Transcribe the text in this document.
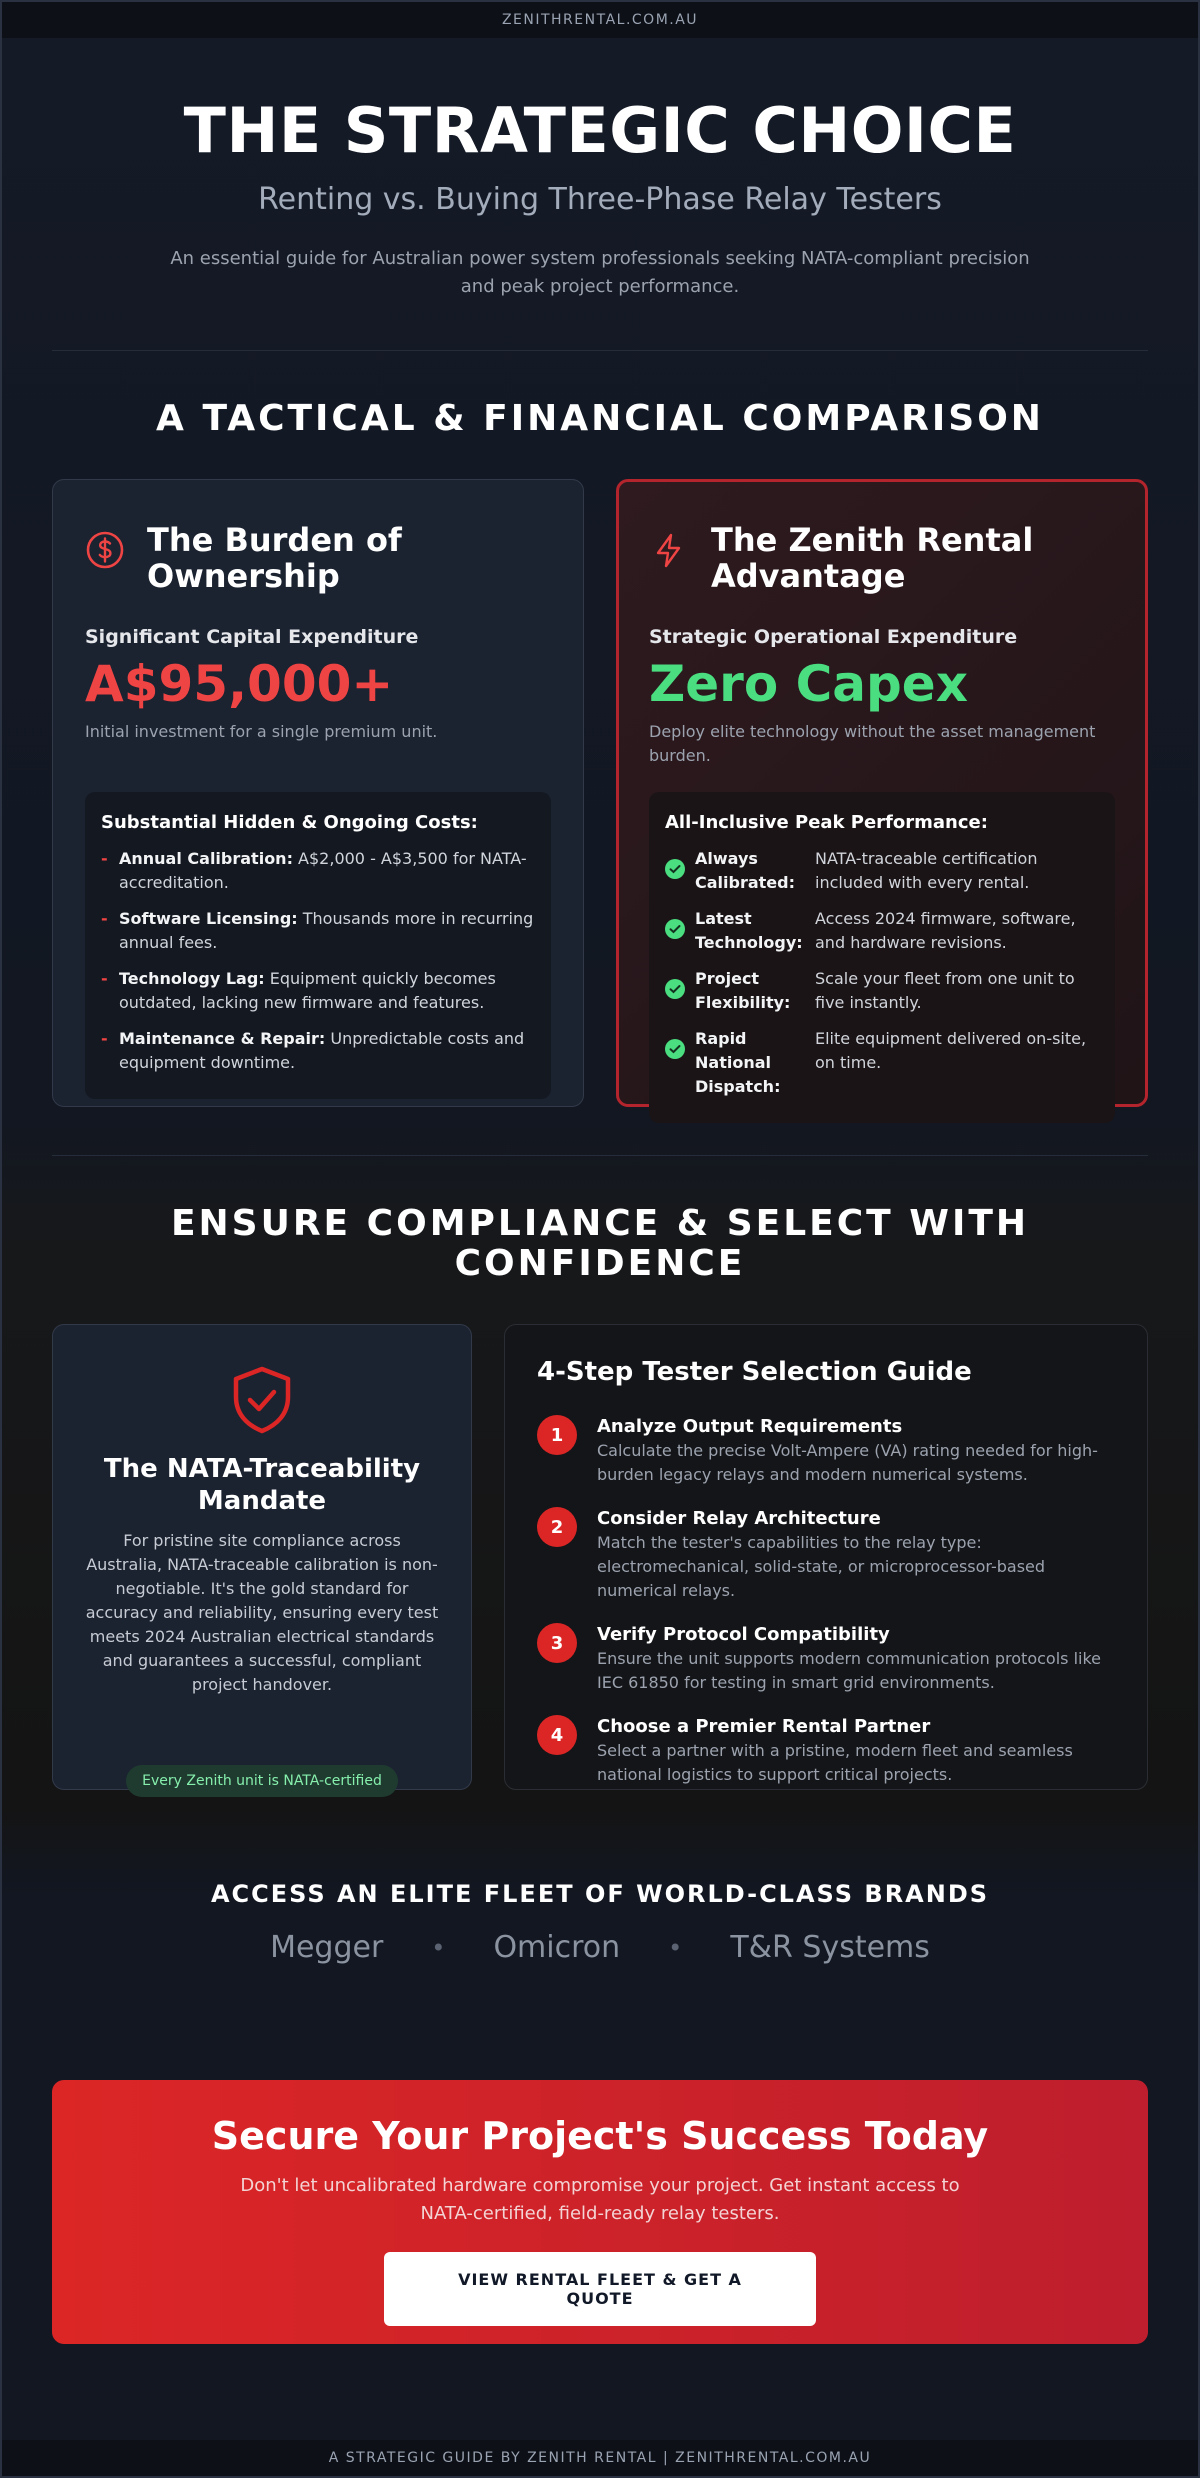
ZENITHRENTAL.COM.AU
THE STRATEGIC CHOICE
Renting vs. Buying Three-Phase Relay Testers

An essential guide for Australian power system professionals seeking NATA-compliant precision and peak project performance.

A TACTICAL & FINANCIAL COMPARISON
The Burden of Ownership
Significant Capital Expenditure
A$95,000+
Initial investment for a single premium unit.
Substantial Hidden & Ongoing Costs:
- Annual Calibration: A$2,000 - A$3,500 for NATA-accreditation.
- Software Licensing: Thousands more in recurring annual fees.
- Technology Lag: Equipment quickly becomes outdated, lacking new firmware and features.
- Maintenance & Repair: Unpredictable costs and equipment downtime.
The Zenith Rental Advantage
Strategic Operational Expenditure
Zero Capex
Deploy elite technology without the asset management burden.
All-Inclusive Peak Performance:
Always Calibrated:
NATA-traceable certification included with every rental.
Latest Technology:
Access 2024 firmware, software, and hardware revisions.
Project Flexibility:
Scale your fleet from one unit to five instantly.
Rapid National Dispatch:
Elite equipment delivered on-site, on time.
ENSURE COMPLIANCE & SELECT WITH CONFIDENCE
The NATA-Traceability Mandate

For pristine site compliance across Australia, NATA-traceable calibration is non-negotiable. It's the gold standard for accuracy and reliability, ensuring every test meets 2024 Australian electrical standards and guarantees a successful, compliant project handover.

Every Zenith unit is NATA-certified
4-Step Tester Selection Guide
1	Analyze Output Requirements

Calculate the precise Volt-Ampere (VA) rating needed for high-burden legacy relays and modern numerical systems.

2	Consider Relay Architecture

Match the tester's capabilities to the relay type: electromechanical, solid-state, or microprocessor-based numerical relays.

3	Verify Protocol Compatibility

Ensure the unit supports modern communication protocols like IEC 61850 for testing in smart grid environments.

4	Choose a Premier Rental Partner

Select a partner with a pristine, modern fleet and seamless national logistics to support critical projects.

ACCESS AN ELITE FLEET OF WORLD-CLASS BRANDS
Megger • Omicron • T&R Systems
Secure Your Project's Success Today

Don't let uncalibrated hardware compromise your project. Get instant access to NATA-certified, field-ready relay testers.

VIEW RENTAL FLEET & GET A QUOTE
A STRATEGIC GUIDE BY ZENITH RENTAL | ZENITHRENTAL.COM.AU
